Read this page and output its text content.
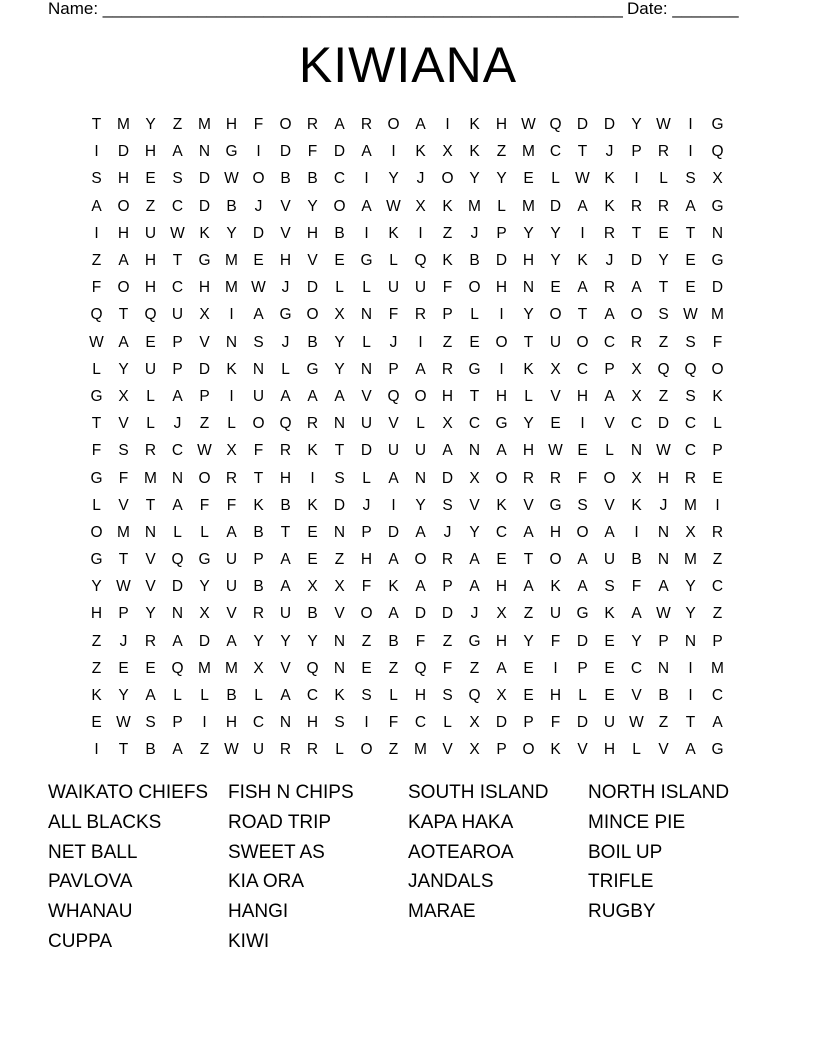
Name: _______________________________________________________ Date: _______
KIWIANA
T	M Y	Z	M H	F	O R	A	R O	A	I	K	H W Q D	D	Y W	I	G
I	D	H	A	N G	I	D	F	D	A	I	K	X	K	Z	M C	T	J	P	R	I	Q
S	H	E	S	D W O	B	B	C	I	Y	J	O	Y	Y	E	L W K	I	L	S	X
A	O	Z	C	D	B	J	V	Y	O	A W X	K M	L	M D	A	K	R	R	A	G
I	H	U W K	Y	D	V	H	B	I	K	I	Z	J	P	Y	Y	I	R	T	E	T	N
Z	A	H	T	G M E	H	V	E	G	L	Q	K	B	D	H	Y	K	J	D	Y	E	G
F	O H	C	H M W	J	D	L	L	U	U	F	O H	N	E	A	R	A	T	E	D
Q	T	Q U	X	I	A	G O	X	N	F	R	P	L	I	Y	O	T	A	O	S W M
W A	E	P	V	N	S	J	B	Y	L	J	I	Z	E	O	T	U O C	R	Z	S	F
L	Y	U	P	D	K	N	L	G	Y	N	P	A	R G	I	K	X	C	P	X	Q Q O
G	X	L	A	P	I	U	A	A	A	V	Q O H	T	H	L	V	H	A	X	Z	S	K
T	V	L	J	Z	L	O Q R	N	U	V	L	X	C G	Y	E	I	V	C	D	C	L
F	S	R	C W X	F	R	K	T	D	U	U	A	N	A	H W E	L	N W C	P
G	F	M N O R	T	H	I	S	L	A	N	D	X	O R	R	F	O	X	H	R	E
L	V	T	A	F	F	K	B	K	D	J	I	Y	S	V	K	V	G	S	V	K	J	M	I
O M N	L	L	A	B	T	E	N	P	D	A	J	Y	C	A	H O	A	I	N	X	R
G	T	V	Q G U	P	A	E	Z	H	A	O R	A	E	T	O	A	U	B	N M	Z
Y W V	D	Y	U	B	A	X	X	F	K	A	P	A	H	A	K	A	S	F	A	Y	C
H	P	Y	N	X	V	R	U	B	V	O	A	D	D	J	X	Z	U G	K	A W Y	Z
Z	J	R	A	D	A	Y	Y	Y	N	Z	B	F	Z	G H	Y	F	D	E	Y	P	N	P
Z	E	E	Q M M X	V	Q N	E	Z	Q	F	Z	A	E	I	P	E	C	N	I	M
K	Y	A	L	L	B	L	A	C	K	S	L	H	S	Q	X	E	H	L	E	V	B	I	C
E W S	P	I	H	C	N	H	S	I	F	C	L	X	D	P	F	D	U W Z	T	A
I	T	B	A	Z W U	R	R	L	O	Z	M V	X	P	O	K	V	H	L	V	A	G
WAIKATO CHIEFS	FISH N CHIPS	SOUTH ISLAND	NORTH ISLAND
ALL BLACKS	ROAD TRIP	KAPA HAKA	MINCE PIE
NET BALL	SWEET AS	AOTEAROA	BOIL UP
PAVLOVA	KIA ORA	JANDALS	TRIFLE
WHANAU	HANGI	MARAE	RUGBY
CUPPA	KIWI
